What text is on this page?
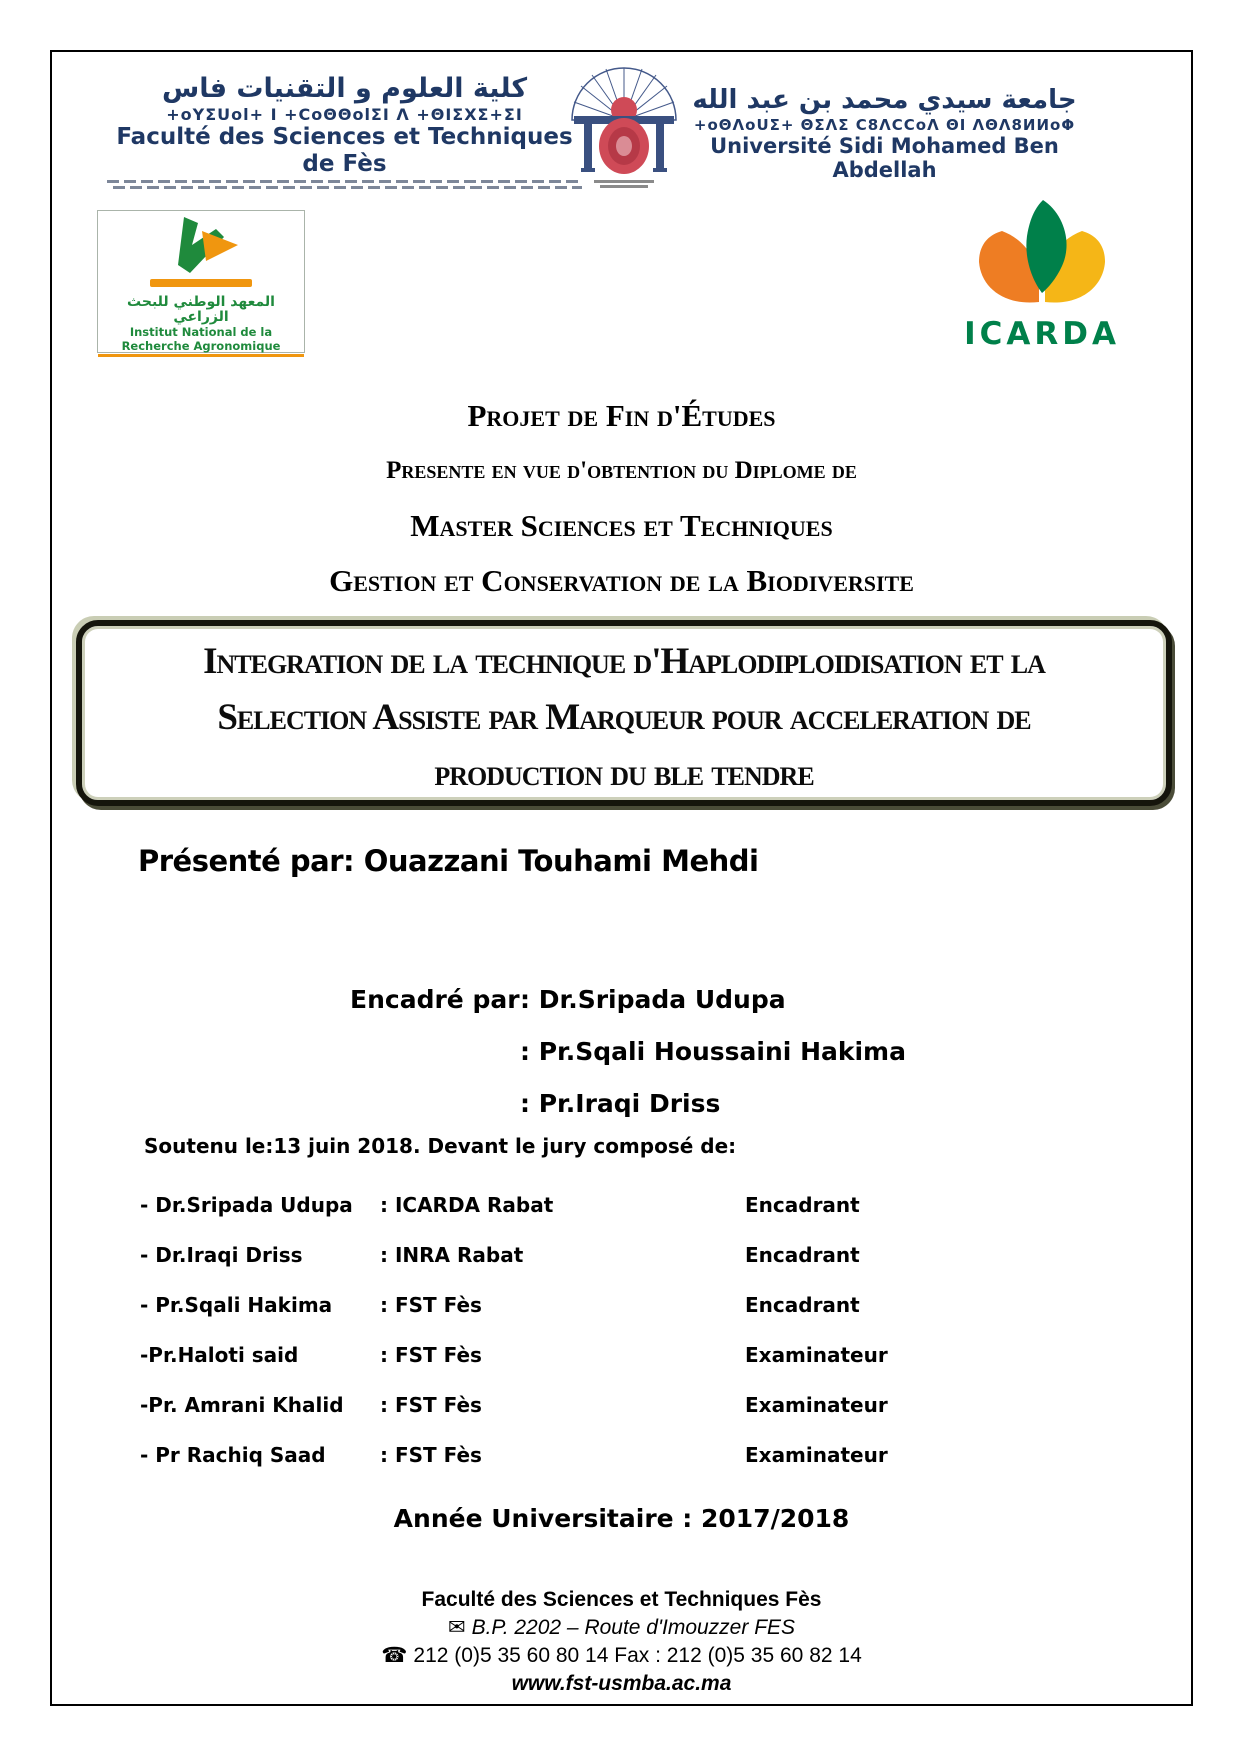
كلية العلوم و التقنيات فاس
+oYΣUol+ I +CoΘΘolΣI Λ +ΘIΣXΣ+ΣI
Faculté des Sciences et Techniques de Fès
جامعة سيدي محمد بن عبد الله
+oΘΛoUΣ+ ΘΣΛΣ C8ΛCCoΛ ΘI ΛΘΛ8ИИoΦ
Université Sidi Mohamed Ben Abdellah
المعهد الوطني للبحث الزراعي
Institut National de la Recherche Agronomique	ICARDA
Projet de Fin d'Études
Presente en vue d'obtention du Diplome de
Master Sciences et Techniques
Gestion et Conservation de la Biodiversite
Integration de la technique d'Haplodiploidisation et la
Selection Assiste par Marqueur pour acceleration de
production du ble tendre
Présenté par: Ouazzani Touhami Mehdi
Encadré par : Dr.Sripada Udupa
: Pr.Sqali Houssaini Hakima
: Pr.Iraqi Driss
Soutenu le:13 juin 2018. Devant le jury composé de:
- Dr.Sripada Udupa	: ICARDA Rabat	Encadrant
- Dr.Iraqi Driss	: INRA Rabat	Encadrant
- Pr.Sqali Hakima	: FST Fès	Encadrant
-Pr.Haloti said	: FST Fès	Examinateur
-Pr. Amrani Khalid	: FST Fès	Examinateur
- Pr Rachiq Saad	: FST Fès	Examinateur
Année Universitaire : 2017/2018
Faculté des Sciences et Techniques Fès
✉ B.P. 2202 – Route d'Imouzzer FES
☎ 212 (0)5 35 60 80 14 Fax : 212 (0)5 35 60 82 14
www.fst-usmba.ac.ma
